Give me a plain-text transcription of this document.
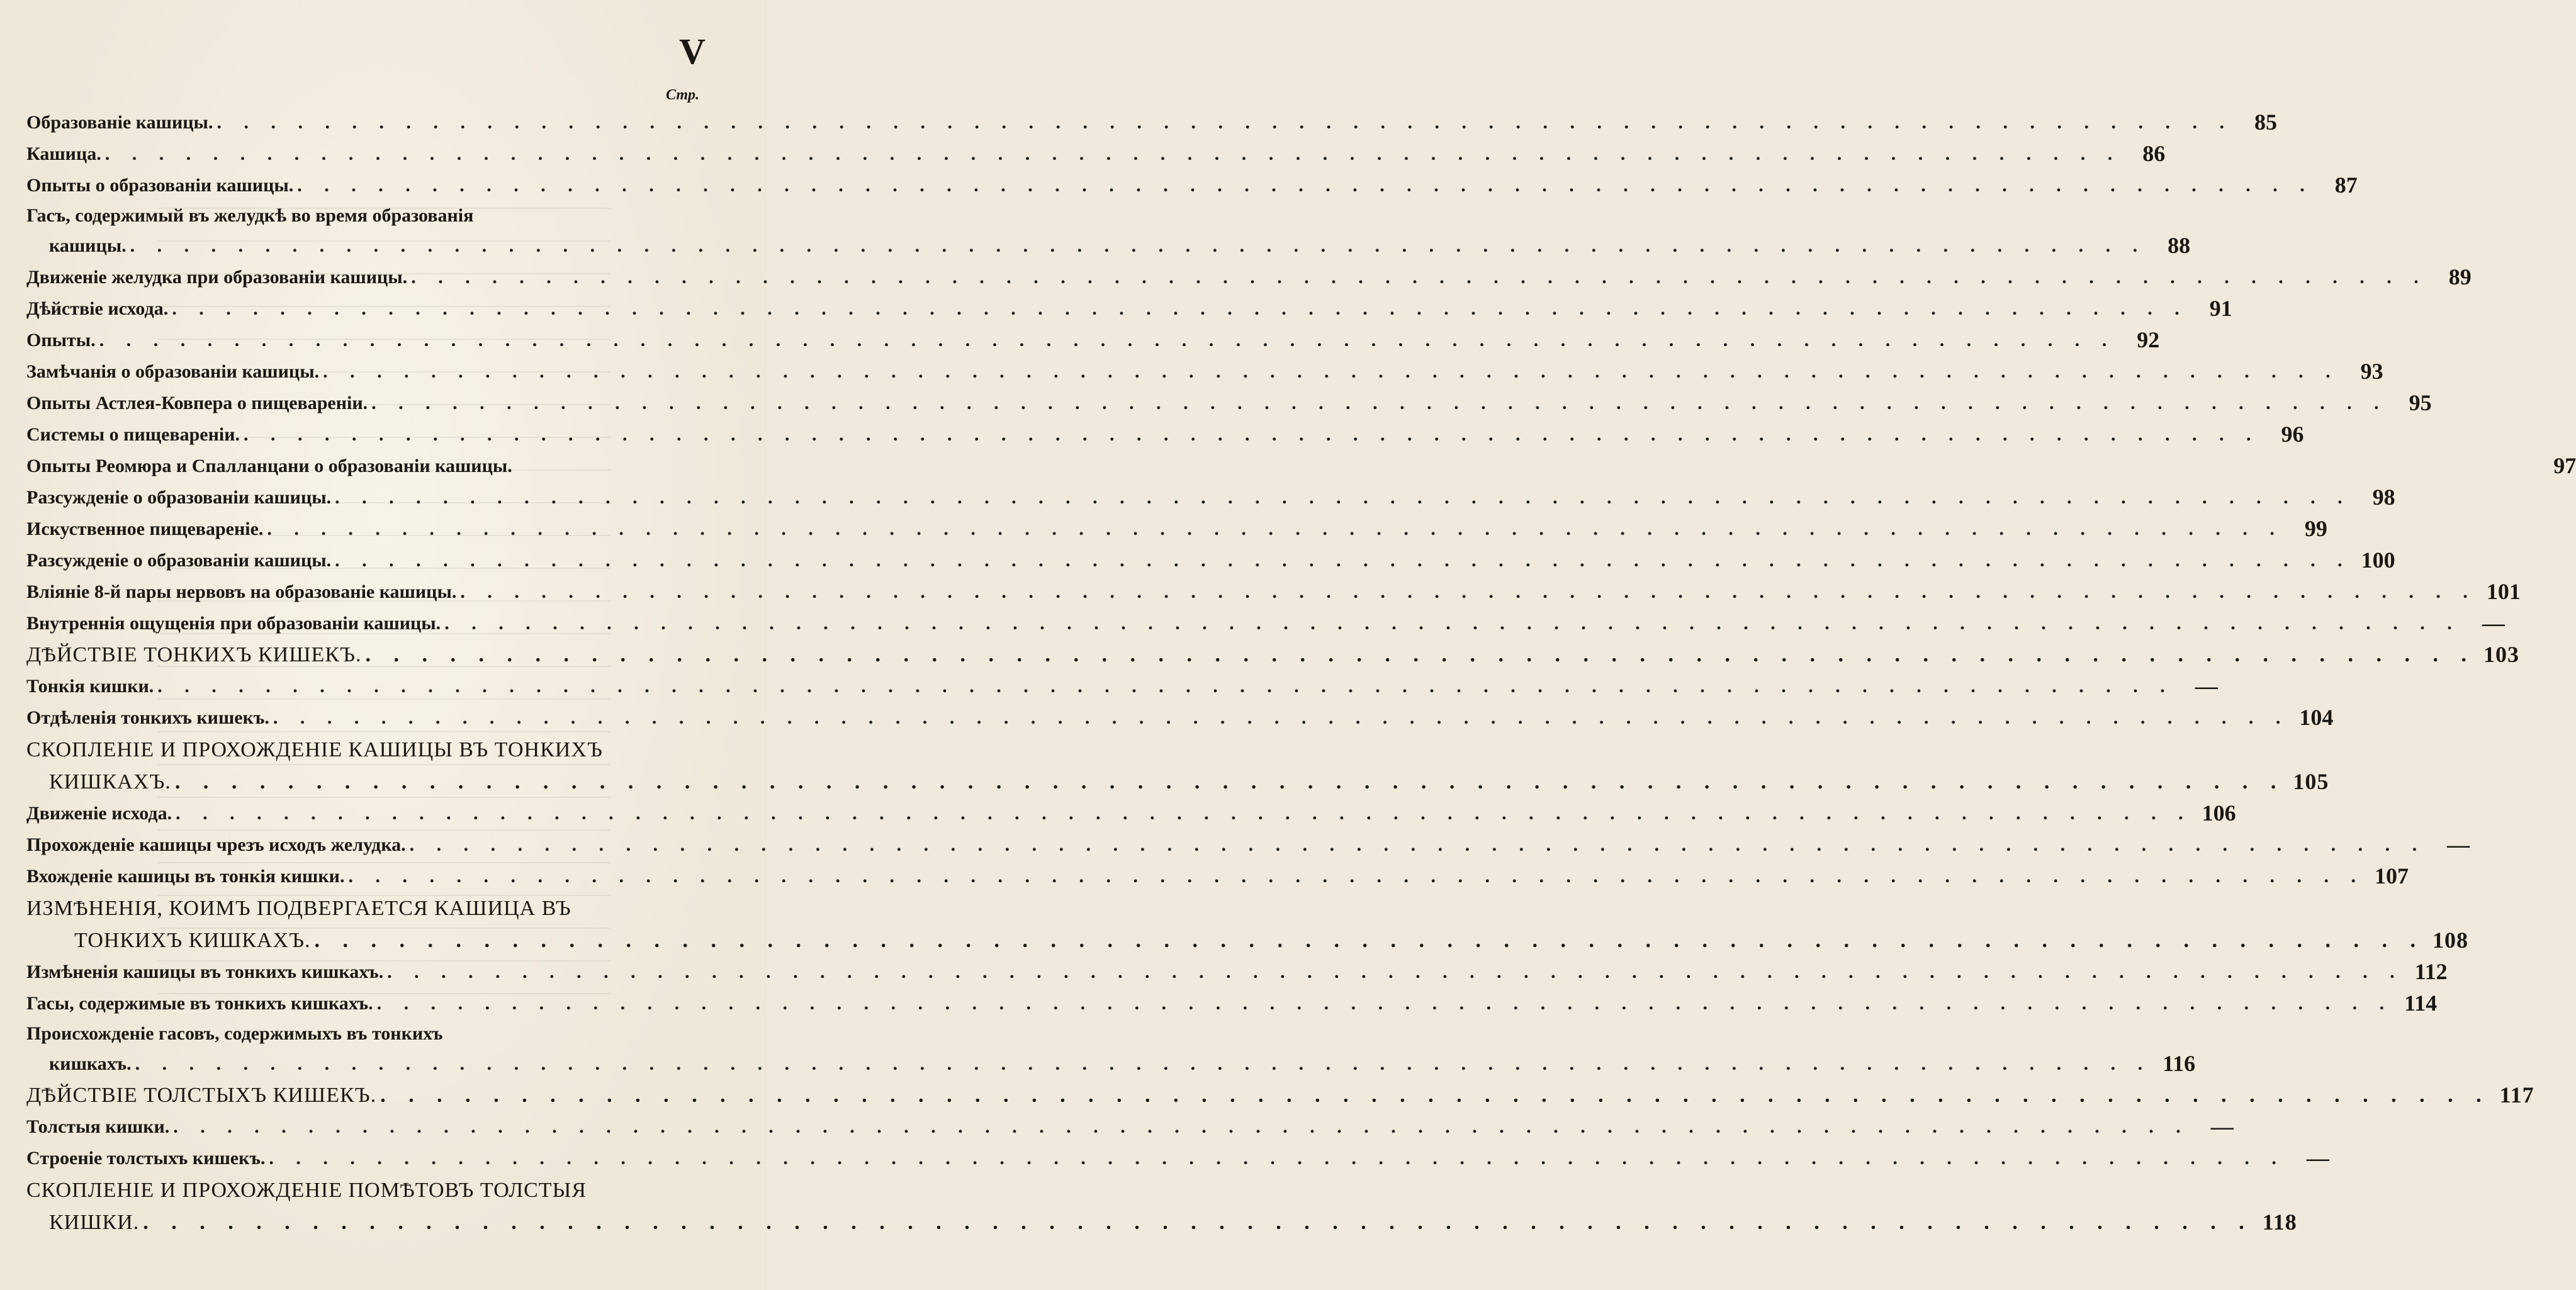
V
Стр.
Образованіе кашицы. . . .	85
Кашица. . . .	86
Опыты о образованіи кашицы. . . .	87
Гасъ, содержимый въ желудкѣ во время образованія
кашицы. . . .	88
Движеніе желудка при образованіи кашицы. . . .	89
Дѣйствіе исхода. . . .	91
Опыты. . . .	92
Замѣчанія о образованіи кашицы. . . .	93
Опыты Астлея-Ковпера о пищевареніи. . . .	95
Системы о пищевареніи. . . .	96
Опыты Реомюра и Спалланцани о образованіи кашицы.	97
Разсужденіе о образованіи кашицы. . . .	98
Искуственное пищевареніе. . . .	99
Разсужденіе о образованіи кашицы. . . .	100
Вліяніе 8-й пары нервовъ на образованіе кашицы. . . .	101
Внутреннія ощущенія при образованіи кашицы. . . .	—
ДѢЙСТВІЕ ТОНКИХЪ КИШЕКЪ. . . .	103
Тонкія кишки. . . .	—
Отдѣленія тонкихъ кишекъ. . . .	104
СКОПЛЕНІЕ И ПРОХОЖДЕНІЕ КАШИЦЫ ВЪ ТОНКИХЪ
КИШКАХЪ. . . .	105
Движеніе исхода. . . .	106
Прохожденіе кашицы чрезъ исходъ желудка. . . .	—
Вхожденіе кашицы въ тонкія кишки. . . .	107
ИЗМѢНЕНІЯ, КОИМЪ ПОДВЕРГАЕТСЯ КАШИЦА ВЪ
ТОНКИХЪ КИШКАХЪ. . . .	108
Измѣненія кашицы въ тонкихъ кишкахъ. . . .	112
Гасы, содержимые въ тонкихъ кишкахъ. . . .	114
Происхожденіе гасовъ, содержимыхъ въ тонкихъ
кишкахъ. . . .	116
ДѢЙСТВІЕ ТОЛСТЫХЪ КИШЕКЪ. . . .	117
Толстыя кишки. . . .	—
Строеніе толстыхъ кишекъ. . . .	—
СКОПЛЕНІЕ И ПРОХОЖДЕНІЕ ПОМѢТОВЪ ТОЛСТЫЯ
КИШКИ. . . .	118
